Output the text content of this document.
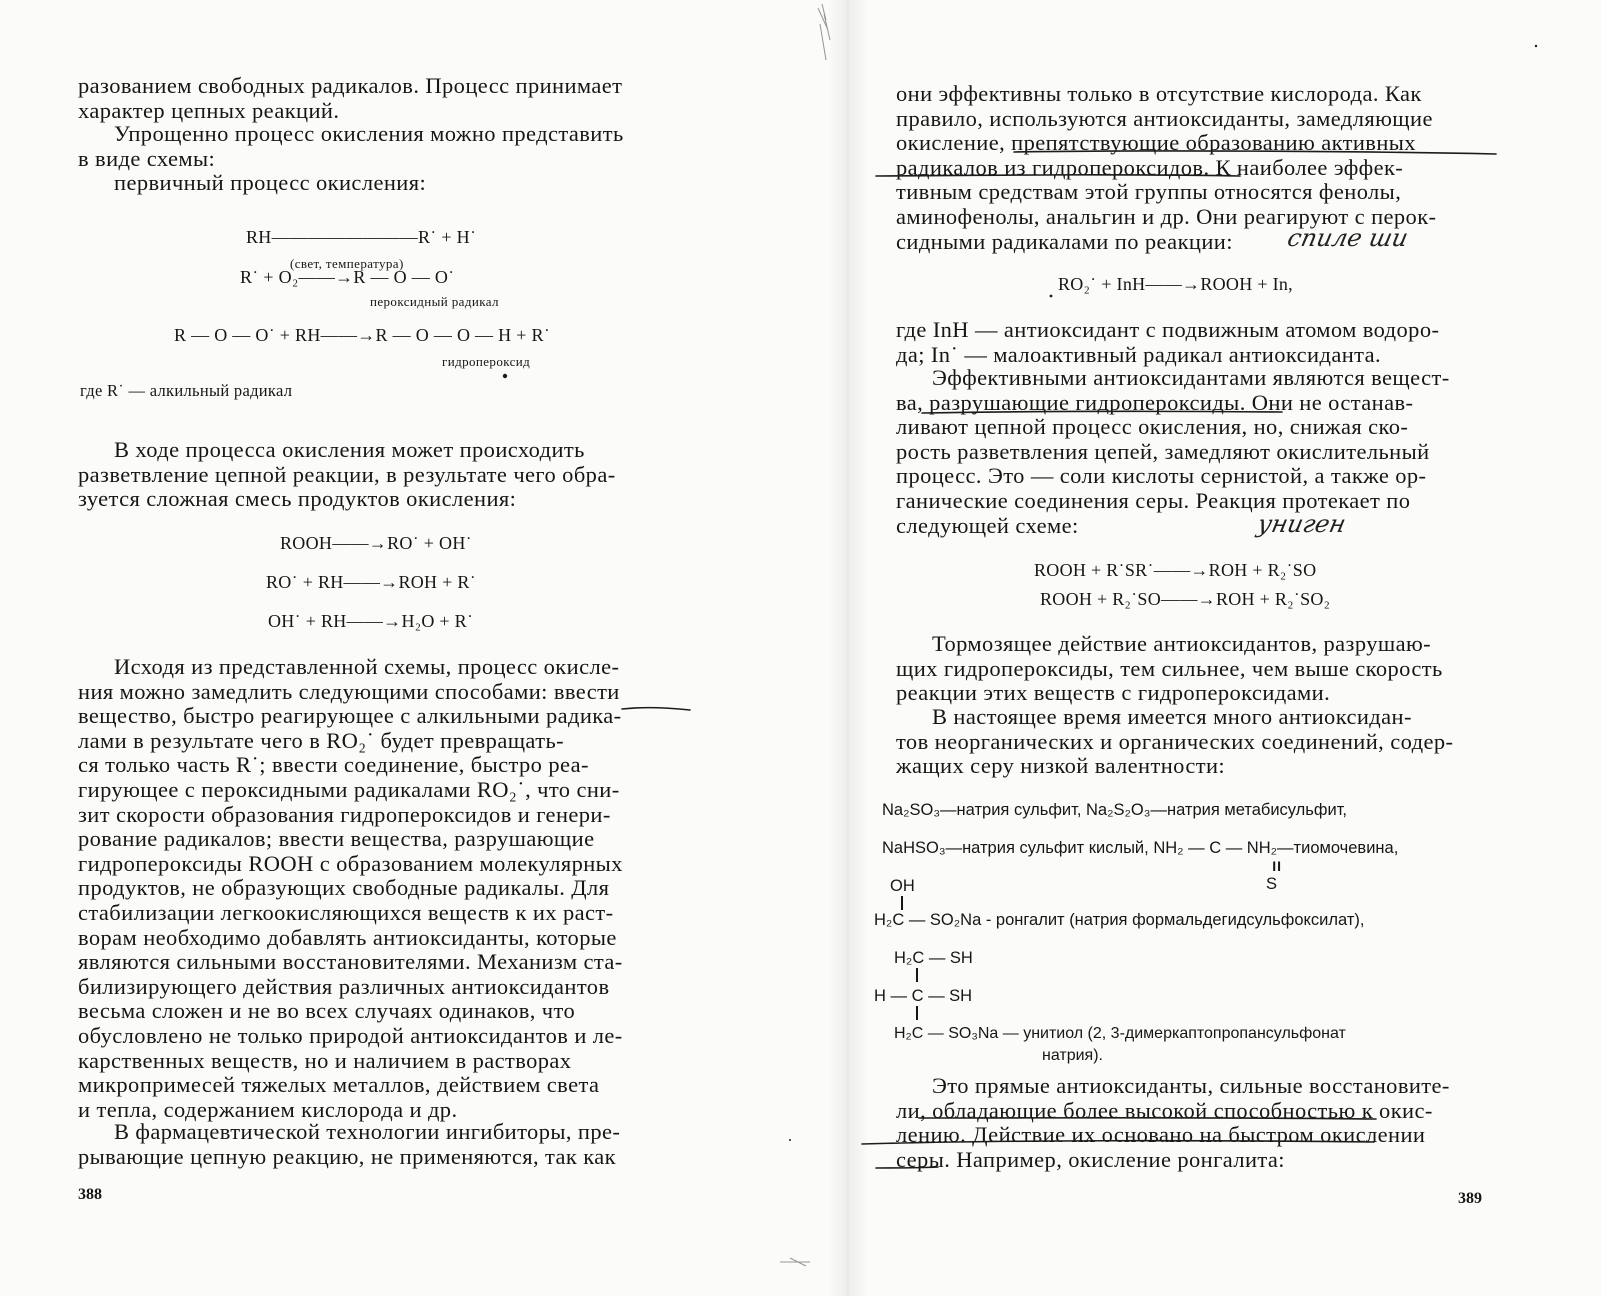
разованием свободных радикалов. Процесс принимает
характер цепных реакций.

Упрощенно процесс окисления можно представить
в виде схемы:

первичный процесс окисления:

RH————————R˙ + H˙
(свет, температура)
R˙ + O₂——→R — O — O˙
пероксидный радикал
R — O — O˙ + RH——→R — O — O — H + R˙
гидропероксид
где R˙ — алкильный радикал

В ходе процесса окисления может происходить
разветвление цепной реакции, в результате чего обра-
зуется сложная смесь продуктов окисления:

ROOH——→RO˙ + OH˙
RO˙ + RH——→ROH + R˙
OH˙ + RH——→H₂O + R˙

Исходя из представленной схемы, процесс окисле-
ния можно замедлить следующими способами: ввести
вещество, быстро реагирующее с алкильными радика-
лами в результате чего в RO₂˙ будет превращать-
ся только часть R˙; ввести соединение, быстро реа-
гирующее с пероксидными радикалами RO₂˙, что сни-
зит скорости образования гидропероксидов и генери-
рование радикалов; ввести вещества, разрушающие
гидропероксиды ROOH с образованием молекулярных
продуктов, не образующих свободные радикалы. Для
стабилизации легкоокисляющихся веществ к их раст-
ворам необходимо добавлять антиоксиданты, которые
являются сильными восстановителями. Механизм ста-
билизирующего действия различных антиоксидантов
весьма сложен и не во всех случаях одинаков, что
обусловлено не только природой антиоксидантов и ле-
карственных веществ, но и наличием в растворах
микропримесей тяжелых металлов, действием света
и тепла, содержанием кислорода и др.

В фармацевтической технологии ингибиторы, пре-
рывающие цепную реакцию, не применяются, так как

388

они эффективны только в отсутствие кислорода. Как
правило, используются антиоксиданты, замедляющие
окисление, препятствующие образованию активных
радикалов из гидропероксидов. К наиболее эффек-
тивным средствам этой группы относятся фенолы,
аминофенолы, анальгин и др. Они реагируют с перок-
сидными радикалами по реакции:	спиле ши
RO₂˙ + InH——→ROOH + In,

где InH — антиоксидант с подвижным атомом водоро-
да; In˙ — малоактивный радикал антиоксиданта.

Эффективными антиоксидантами являются вещест-
ва, разрушающие гидропероксиды. Они не останав-
ливают цепной процесс окисления, но, снижая ско-
рость разветвления цепей, замедляют окислительный
процесс. Это — соли кислоты сернистой, а также ор-
ганические соединения серы. Реакция протекает по
следующей схеме:	униген
ROOH + R˙SR˙——→ROH + R₂˙SO
ROOH + R₂˙SO——→ROH + R₂˙SO₂

Тормозящее действие антиоксидантов, разрушаю-
щих гидропероксиды, тем сильнее, чем выше скорость
реакции этих веществ с гидропероксидами.

В настоящее время имеется много антиоксидан-
тов неорганических и органических соединений, содер-
жащих серу низкой валентности:

Na₂SO₃—натрия сульфит, Na₂S₂O₃—натрия метабисульфит,
NaHSO₃—натрия сульфит кислый, NH₂ — C — NH₂—тиомочевина,
II
S
OH
H₂C — SO₂Na - ронгалит (натрия формальдегидсульфоксилат),
H₂C — SH
H — C — SH
H₂C — SO₃Na — унитиол (2, 3-димеркаптопропансульфонат
натрия).

Это прямые антиоксиданты, сильные восстановите-
ли, обладающие более высокой способностью к окис-
лению. Действие их основано на быстром окислении
серы. Например, окисление ронгалита:

389
